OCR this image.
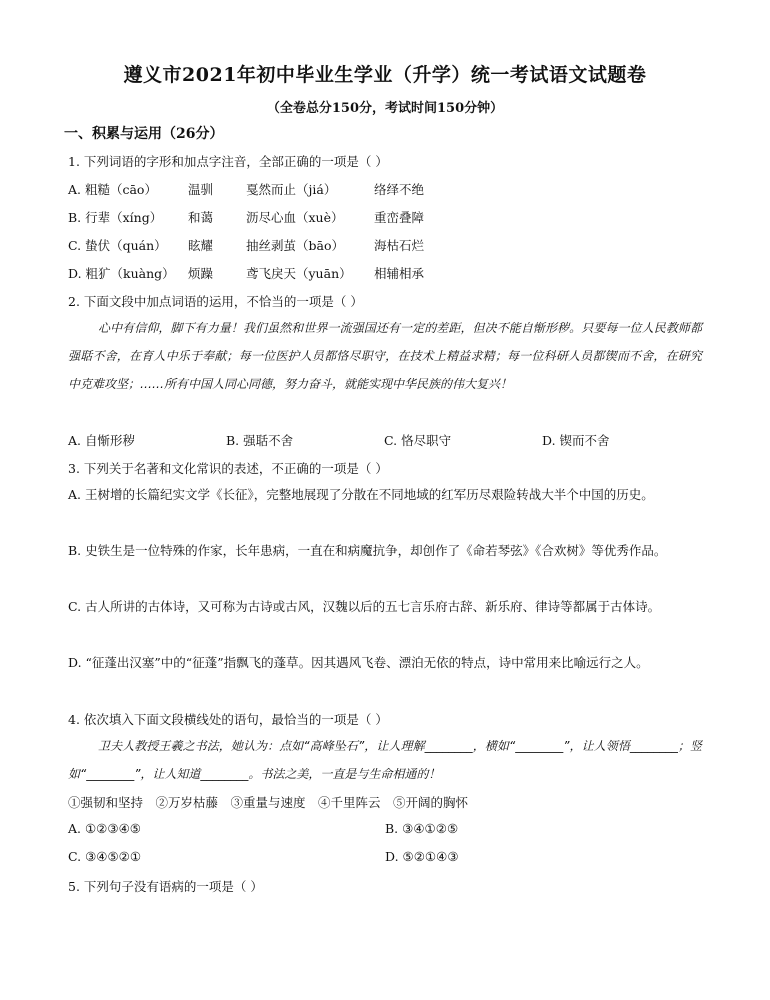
遵义市2021年初中毕业生学业（升学）统一考试语文试题卷
（全卷总分150分，考试时间150分钟）
一、积累与运用（26分）
1. 下列词语的字形和加点字注音，全部正确的一项是（ ）
A. 粗糙（cāo） 温驯	戛然而止（jiá）	络绎不绝
B. 行辈（xíng） 和蔼	沥尽心血（xuè） 重峦叠障
C. 蛰伏（quán） 眩耀	抽丝剥茧（bāo） 海枯石烂
D. 粗犷（kuàng） 烦躁	鸢飞戾天（yuān） 相辅相承
2. 下面文段中加点词语的运用，不恰当的一项是（ ）
心中有信仰，脚下有力量！我们虽然和世界一流强国还有一定的差距，但决不能自惭形秽。只要每一位人民教师都强聒不舍，在育人中乐于奉献；每一位医护人员都恪尽职守，在技术上精益求精；每一位科研人员都锲而不舍，在研究中克难攻坚；……所有中国人同心同德，努力奋斗，就能实现中华民族的伟大复兴！
A. 自惭形秽	B. 强聒不舍	C. 恪尽职守	D. 锲而不舍
3. 下列关于名著和文化常识的表述，不正确的一项是（ ）
A. 王树增的长篇纪实文学《长征》，完整地展现了分散在不同地域的红军历尽艰险转战大半个中国的历史。
B. 史铁生是一位特殊的作家，长年患病，一直在和病魔抗争，却创作了《命若琴弦》《合欢树》等优秀作品。
C. 古人所讲的古体诗，又可称为古诗或古风，汉魏以后的五七言乐府古辞、新乐府、律诗等都属于古体诗。
D. “征蓬出汉塞”中的“征蓬”指飘飞的蓬草。因其遇风飞卷、漂泊无依的特点，诗中常用来比喻远行之人。
4. 依次填入下面文段横线处的语句，最恰当的一项是（ ）
卫夫人教授王羲之书法，她认为：点如“高峰坠石”，让人理解________，横如“________”，让人领悟________；竖如“________”，让人知道________。书法之美，一直是与生命相通的！
①强韧和坚持　②万岁枯藤　③重量与速度　④千里阵云　⑤开阔的胸怀
A. ①②③④⑤	B. ③④①②⑤
C. ③④⑤②①	D. ⑤②①④③
5. 下列句子没有语病的一项是（ ）
